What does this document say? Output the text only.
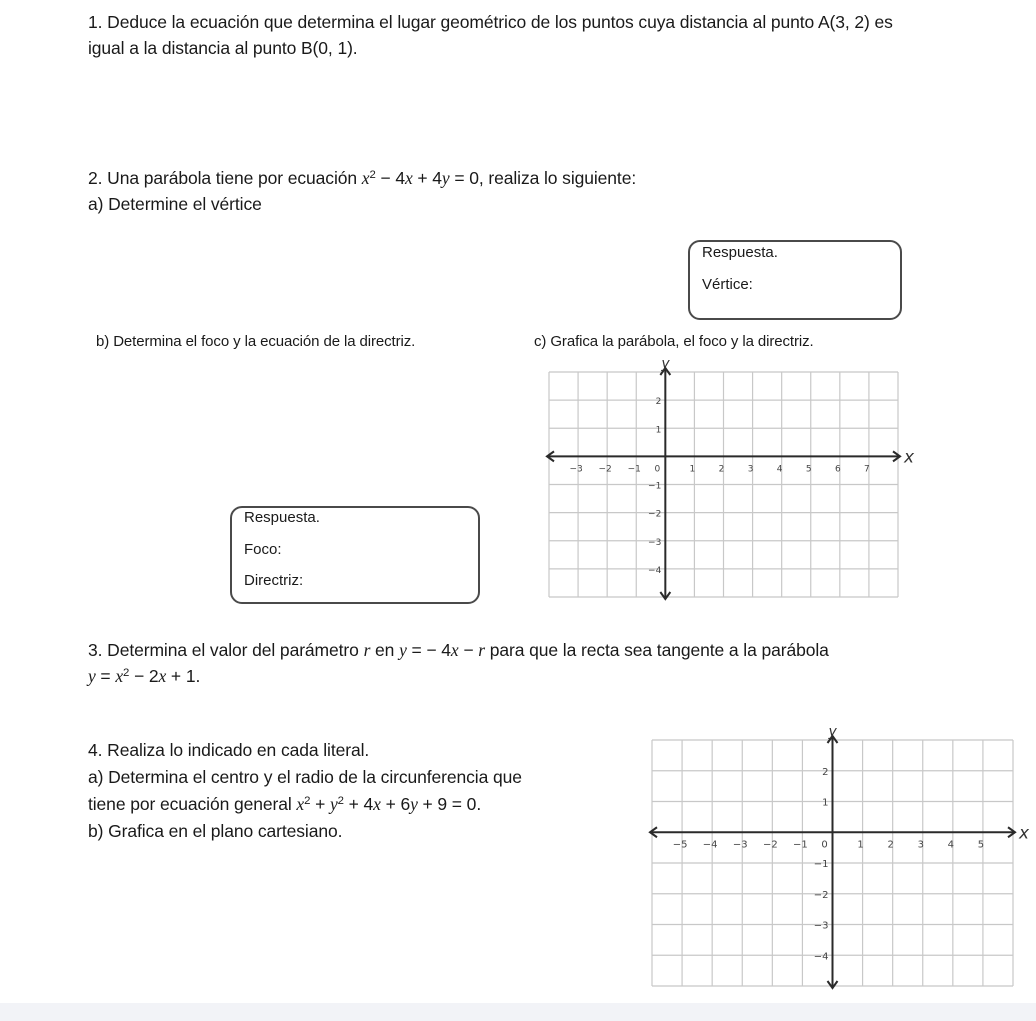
1. Deduce la ecuación que determina el lugar geométrico de los puntos cuya distancia al punto A(3, 2) es
igual a la distancia al punto B(0, 1).
2. Una parábola tiene por ecuación $x^2 - 4x + 4y = 0$, realiza lo siguiente:
a) Determine el vértice
Respuesta.
Vértice:
b) Determina el foco y la ecuación de la directriz.	c) Grafica la parábola, el foco y la directriz.
Respuesta.
Foco:
Directriz:
x
y
−3 −2 −1 0	1	2	3	4	5	6	7
2
1
−1
−2
−3
−4
3. Determina el valor del parámetro r en y = − 4x − r para que la recta sea tangente a la parábola
$y = x^2 - 2x + 1$.
4. Realiza lo indicado en cada literal.
a) Determina el centro y el radio de la circunferencia que
tiene por ecuación general $x^2 + y^2 + 4x + 6y + 9 = 0$.
b) Grafica en el plano cartesiano.	x
y
−5 −4 −3 −2 −1 0	1 2 3 4 5
2
1
−1
−2
−3
−4
